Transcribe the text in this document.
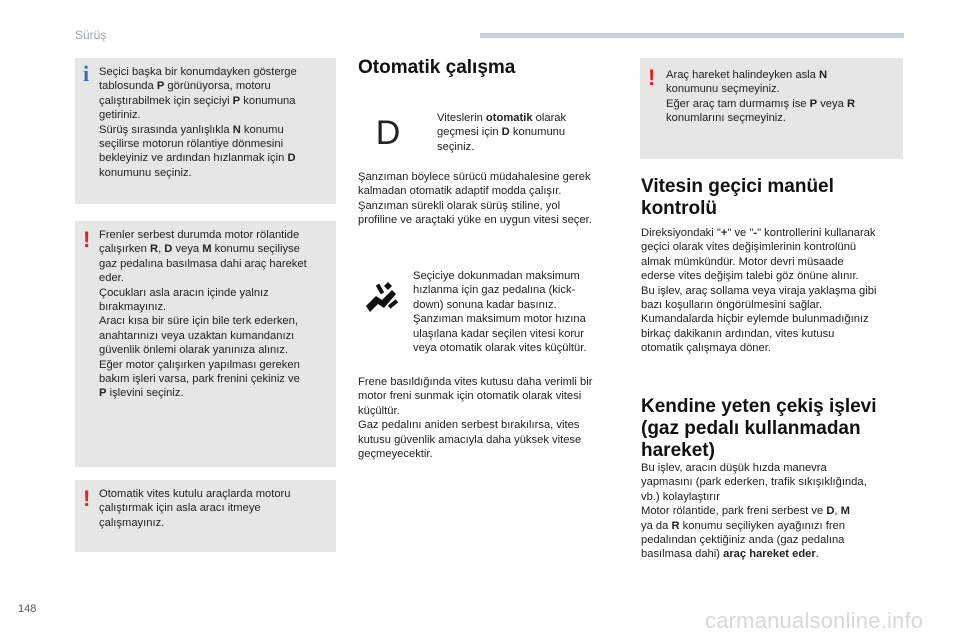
Sürüş
i Seçici başka bir konumdayken gösterge
tablosunda P görünüyorsa, motoru
çalıştırabilmek için seçiciyi P konumuna
getiriniz.
Sürüş sırasında yanlışlıkla N konumu
seçilirse motorun rölantiye dönmesini
bekleyiniz ve ardından hızlanmak için D
konumunu seçiniz.
! Frenler serbest durumda motor rölantide
çalışırken R, D veya M konumu seçiliyse
gaz pedalına basılmasa dahi araç hareket
eder.
Çocukları asla aracın içinde yalnız
bırakmayınız.
Aracı kısa bir süre için bile terk ederken,
anahtarınızı veya uzaktan kumandanızı
güvenlik önlemi olarak yanınıza alınız.
Eğer motor çalışırken yapılması gereken
bakım işleri varsa, park frenini çekiniz ve
P işlevini seçiniz.
! Otomatik vites kutulu araçlarda motoru
çalıştırmak için asla aracı itmeye
çalışmayınız.
Otomatik çalışma
D	Viteslerin otomatik olarak
geçmesi için D konumunu
seçiniz.
Şanzıman böylece sürücü müdahalesine gerek
kalmadan otomatik adaptif modda çalışır.
Şanzıman sürekli olarak sürüş stiline, yol
profiline ve araçtaki yüke en uygun vitesi seçer.
Seçiciye dokunmadan maksimum
hızlanma için gaz pedalına (kick-
down) sonuna kadar basınız.
Şanzıman maksimum motor hızına
ulaşılana kadar seçilen vitesi korur
veya otomatik olarak vites küçültür.
Frene basıldığında vites kutusu daha verimli bir
motor freni sunmak için otomatik olarak vitesi
küçültür.
Gaz pedalını aniden serbest bırakılırsa, vites
kutusu güvenlik amacıyla daha yüksek vitese
geçmeyecektir.
! Araç hareket halindeyken asla N
konumunu seçmeyiniz.
Eğer araç tam durmamış ise P veya R
konumlarını seçmeyiniz.
Vitesin geçici manüel
kontrolü
Direksiyondaki "+" ve "-" kontrollerini kullanarak
geçici olarak vites değişimlerinin kontrolünü
almak mümkündür. Motor devri müsaade
ederse vites değişim talebi göz önüne alınır.
Bu işlev, araç sollama veya viraja yaklaşma gibi
bazı koşulların öngörülmesini sağlar.
Kumandalarda hiçbir eylemde bulunmadığınız
birkaç dakikanın ardından, vites kutusu
otomatik çalışmaya döner.
Kendine yeten çekiş işlevi
(gaz pedalı kullanmadan
hareket)
Bu işlev, aracın düşük hızda manevra
yapmasını (park ederken, trafik sıkışıklığında,
vb.) kolaylaştırır
Motor rölantide, park freni serbest ve D, M
ya da R konumu seçiliyken ayağınızı fren
pedalından çektiğiniz anda (gaz pedalına
basılmasa dahi) araç hareket eder.
148	carmanualsonline.info
